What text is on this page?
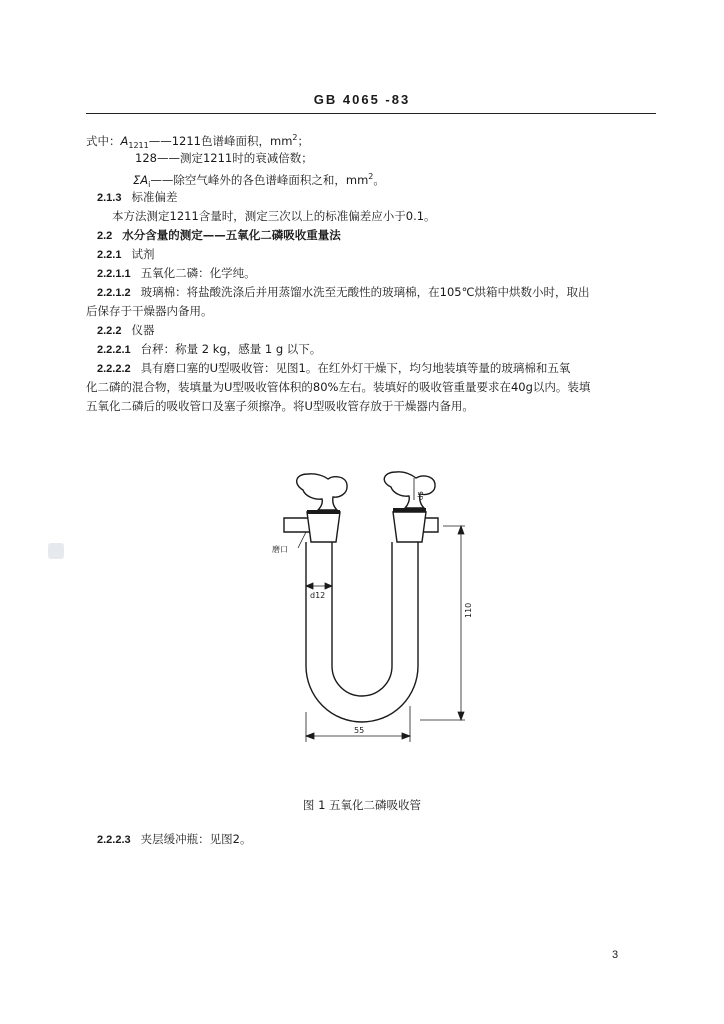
GB 4065 -83
式中：$A_{1211}——1211$色谱峰面积，$mm^2$；
128——测定1211时的衰减倍数；
$\Sigma A_i——$除空气峰外的各色谱峰面积之和，$mm^2$。
2.1.3 标准偏差
本方法测定1211含量时，测定三次以上的标准偏差应小于0.1。
2.2 水分含量的测定——五氧化二磷吸收重量法
2.2.1 试剂
2.2.1.1 五氧化二磷：化学纯。
2.2.1.2 玻璃棉：将盐酸洗涤后并用蒸馏水洗至无酸性的玻璃棉，在105℃烘箱中烘数小时，取出
后保存于干燥器内备用。
2.2.2 仪器
2.2.2.1 台秤：称量 2 kg，感量 1 g 以下。
2.2.2.2 具有磨口塞的U型吸收管：见图1。在红外灯干燥下，均匀地装填等量的玻璃棉和五氧
化二磷的混合物，装填量为U型吸收管体积的80%左右。装填好的吸收管重量要求在40g以内。装填
五氧化二磷后的吸收管口及塞子须擦净。将U型吸收管存放于干燥器内备用。
磨口
d12
55
110
d5
图 1 五氧化二磷吸收管
2.2.2.3 夹层缓冲瓶：见图2。
3
